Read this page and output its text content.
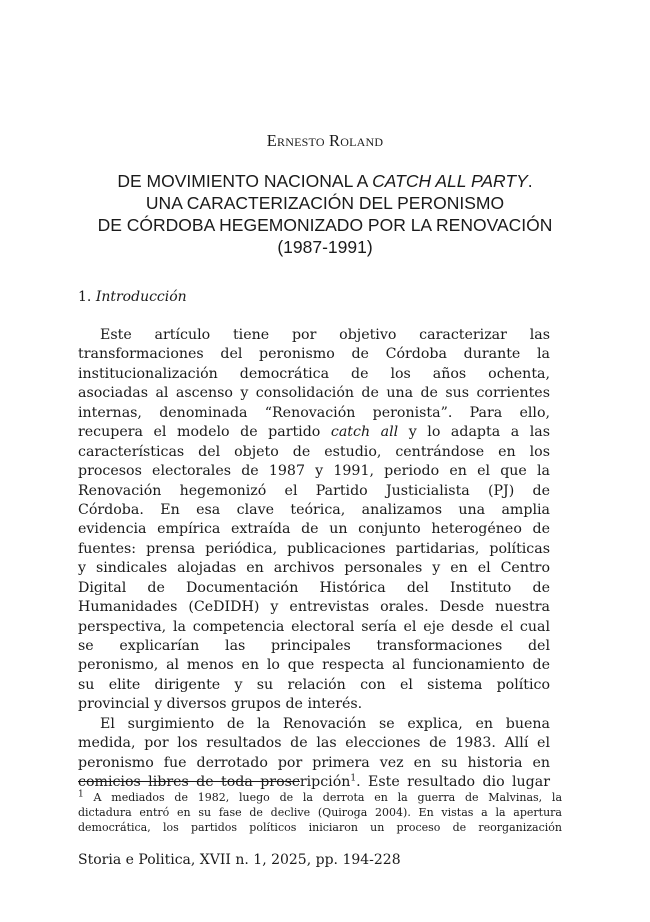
Ernesto Roland
DE MOVIMIENTO NACIONAL A CATCH ALL PARTY.
UNA CARACTERIZACIÓN DEL PERONISMO
DE CÓRDOBA HEGEMONIZADO POR LA RENOVACIÓN
(1987-1991)
1. Introducción
Este artículo tiene por objetivo caracterizar las
transformaciones del peronismo de Córdoba durante la
institucionalización democrática de los años ochenta,
asociadas al ascenso y consolidación de una de sus corrientes
internas, denominada “Renovación peronista”. Para ello,
recupera el modelo de partido catch all y lo adapta a las
características del objeto de estudio, centrándose en los
procesos electorales de 1987 y 1991, periodo en el que la
Renovación hegemonizó el Partido Justicialista (PJ) de
Córdoba. En esa clave teórica, analizamos una amplia
evidencia empírica extraída de un conjunto heterogéneo de
fuentes: prensa periódica, publicaciones partidarias, políticas
y sindicales alojadas en archivos personales y en el Centro
Digital de Documentación Histórica del Instituto de
Humanidades (CeDIDH) y entrevistas orales. Desde nuestra
perspectiva, la competencia electoral sería el eje desde el cual
se explicarían las principales transformaciones del
peronismo, al menos en lo que respecta al funcionamiento de
su elite dirigente y su relación con el sistema político
provincial y diversos grupos de interés.
El surgimiento de la Renovación se explica, en buena
medida, por los resultados de las elecciones de 1983. Allí el
peronismo fue derrotado por primera vez en su historia en
comicios libres de toda proscripción$^1$. Este resultado dio lugar
$^1$ A mediados de 1982, luego de la derrota en la guerra de Malvinas, la
dictadura entró en su fase de declive (Quiroga 2004). En vistas a la apertura
democrática, los partidos políticos iniciaron un proceso de reorganización
Storia e Politica, XVII n. 1, 2025, pp. 194-228
